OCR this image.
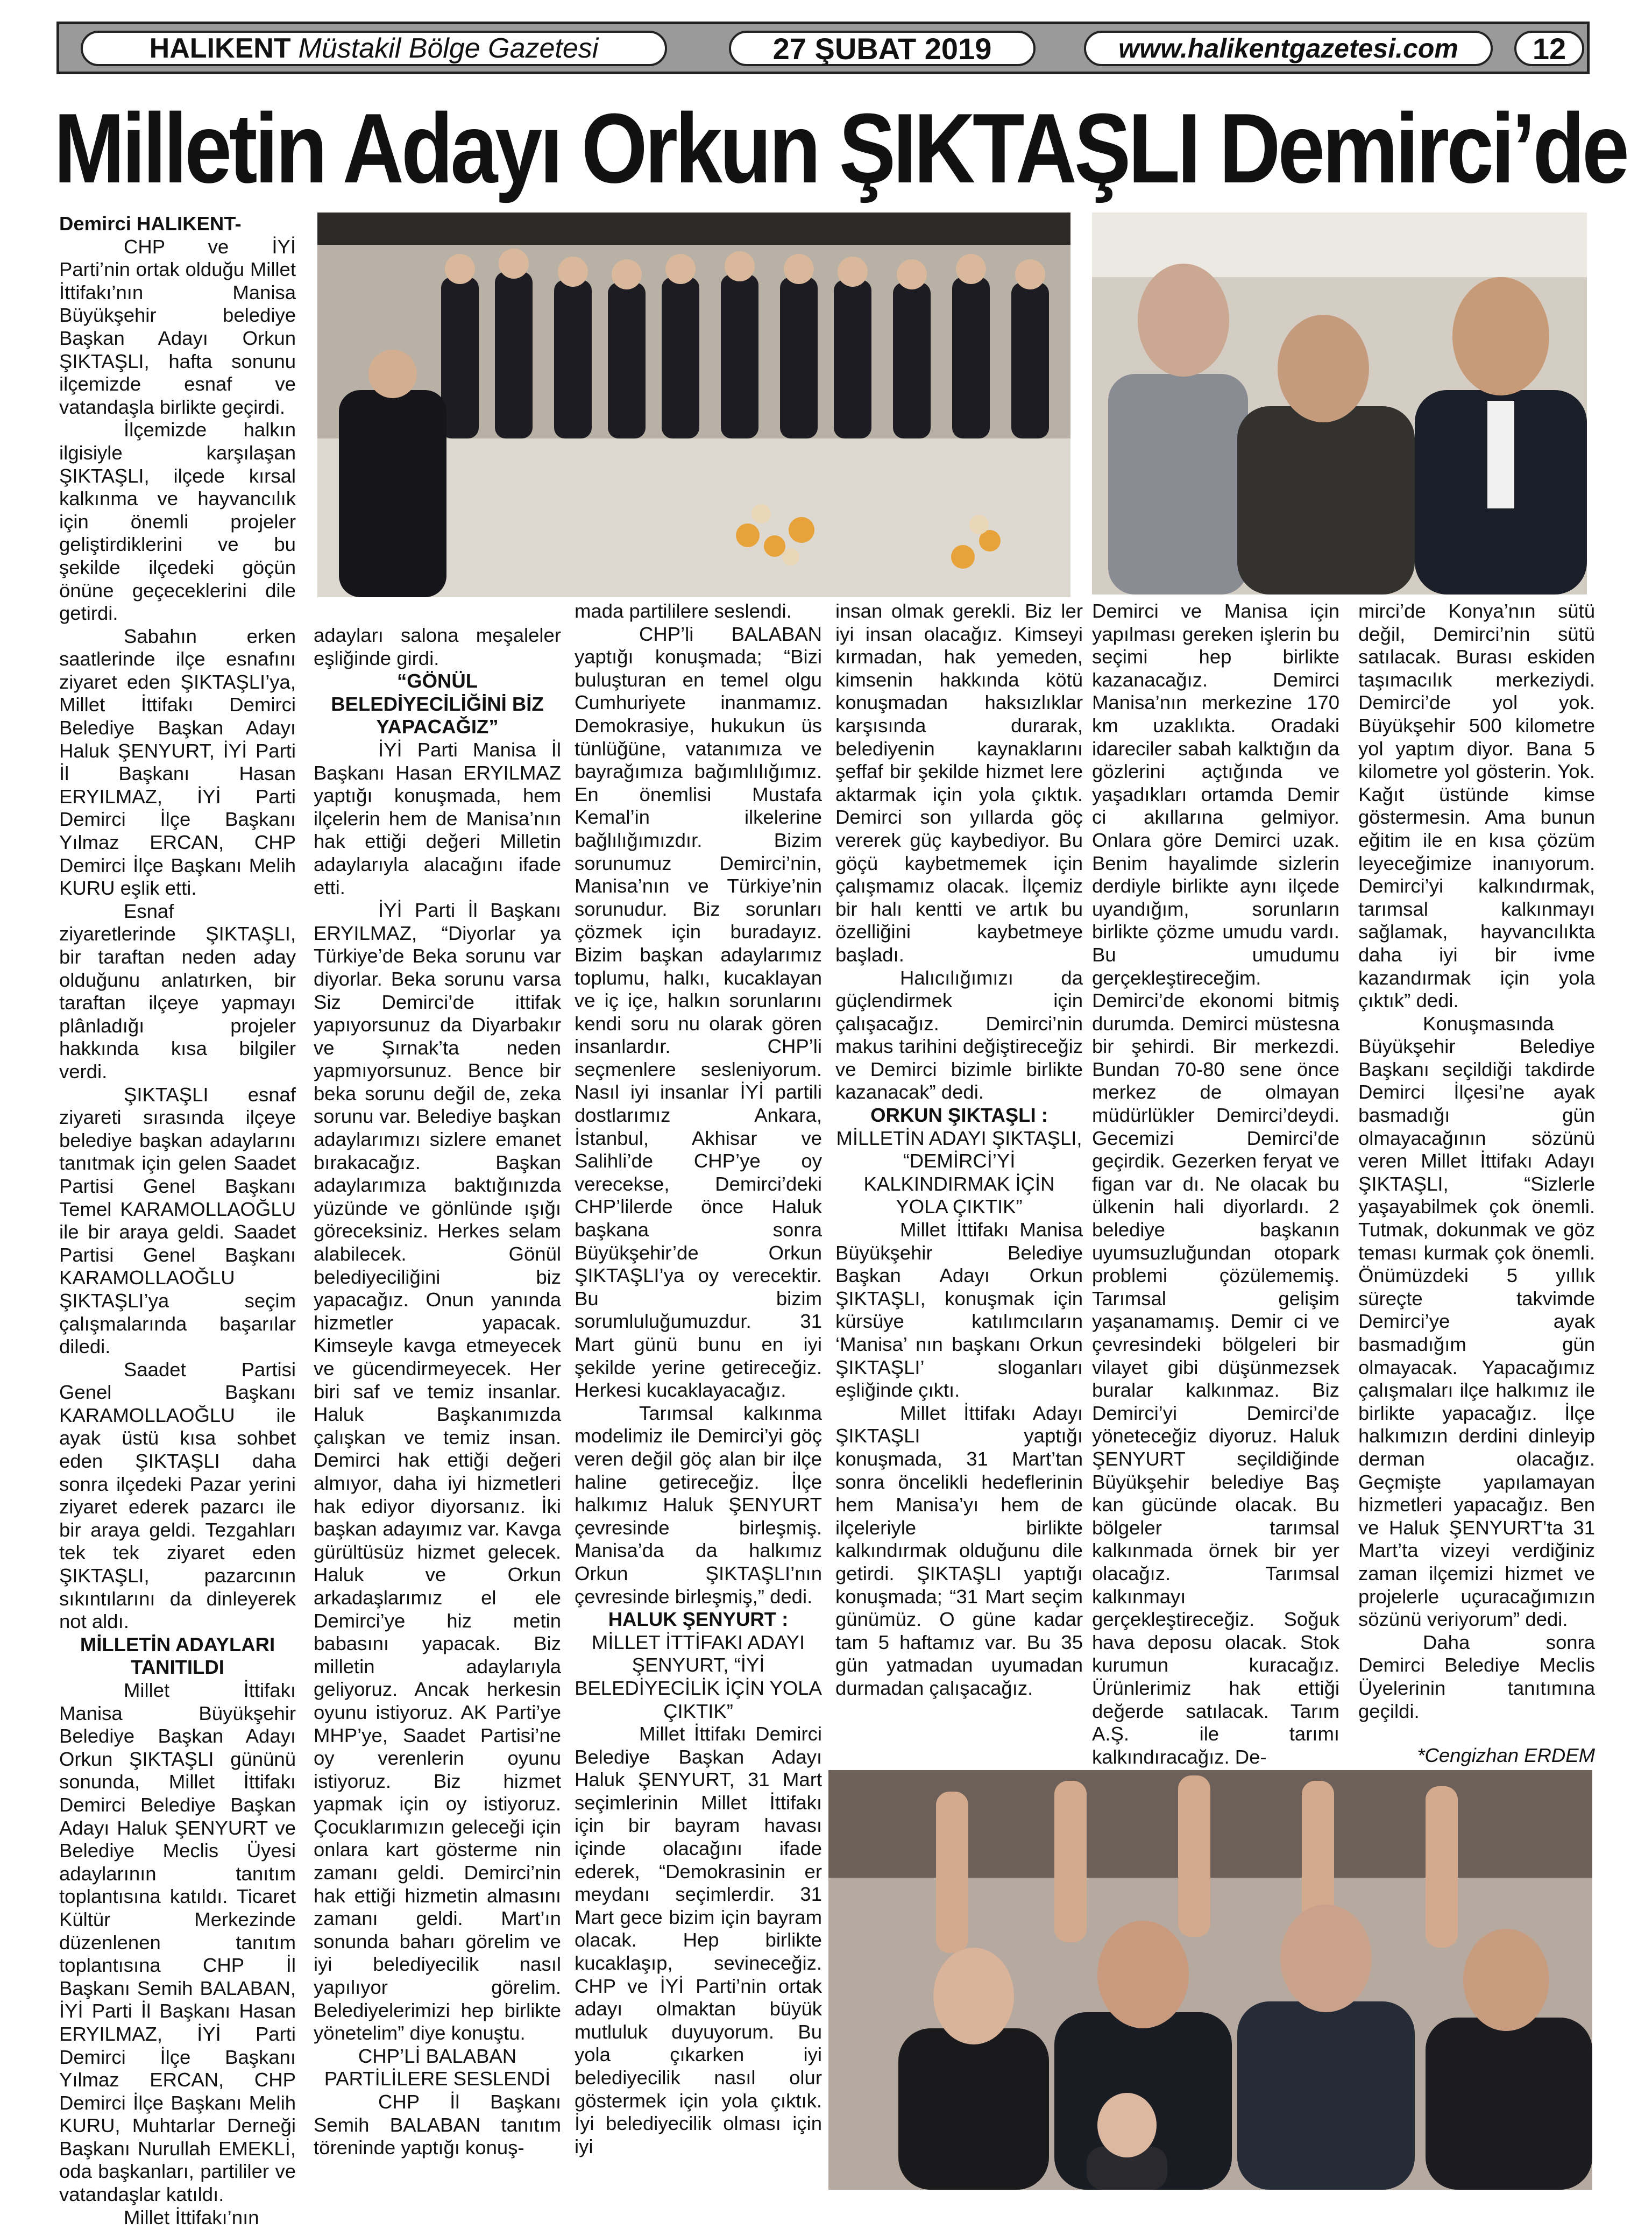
HALIKENT Müstakil Bölge Gazetesi	27 ŞUBAT 2019	www.halikentgazetesi.com	12
Milletin Adayı Orkun ŞIKTAŞLI Demirci’de

Demirci HALIKENT-

CHP ve İYİ Parti’nin ortak olduğu Millet İttifakı’nın Manisa Büyükşehir belediye Başkan Adayı Orkun ŞIKTAŞLI, hafta sonunu ilçemizde esnaf ve vatandaşla birlikte geçirdi.

İlçemizde halkın ilgisiyle karşılaşan ŞIKTAŞLI, ilçede kırsal kalkınma ve hayvancılık için önemli projeler geliştirdiklerini ve bu şekilde ilçedeki göçün önüne geçeceklerini dile getirdi.

Sabahın erken saatlerinde ilçe esnafını ziyaret eden ŞIKTAŞLI’ya, Millet İttifakı Demirci Belediye Başkan Adayı Haluk ŞENYURT, İYİ Parti İl Başkanı Hasan ERYILMAZ, İYİ Parti Demirci İlçe Başkanı Yılmaz ERCAN, CHP Demirci İlçe Başkanı Melih KURU eşlik etti.

Esnaf ziyaretlerinde ŞIKTAŞLI, bir taraftan neden aday olduğunu anlatırken, bir taraftan ilçeye yapmayı plânladığı projeler hakkında kısa bilgiler verdi.

ŞIKTAŞLI esnaf ziyareti sırasında ilçeye belediye başkan adaylarını tanıtmak için gelen Saadet Partisi Genel Başkanı Temel KARAMOLLAOĞLU ile bir araya geldi. Saadet Partisi Genel Başkanı KARAMOLLAOĞLU ŞIKTAŞLI’ya seçim çalışmalarında başarılar diledi.

Saadet Partisi Genel Başkanı KARAMOLLAOĞLU ile ayak üstü kısa sohbet eden ŞIKTAŞLI daha sonra ilçedeki Pazar yerini ziyaret ederek pazarcı ile bir araya geldi. Tezgahları tek tek ziyaret eden ŞIKTAŞLI, pazarcının sıkıntılarını da dinleyerek not aldı.

MİLLETİN ADAYLARI TANITILDI

Millet İttifakı Manisa Büyükşehir Belediye Başkan Adayı Orkun ŞIKTAŞLI gününü sonunda, Millet İttifakı Demirci Belediye Başkan Adayı Haluk ŞENYURT ve Belediye Meclis Üyesi adaylarının tanıtım toplantısına katıldı. Ticaret Kültür Merkezinde düzenlenen tanıtım toplantısına CHP İl Başkanı Semih BALABAN, İYİ Parti İl Başkanı Hasan ERYILMAZ, İYİ Parti Demirci İlçe Başkanı Yılmaz ERCAN, CHP Demirci İlçe Başkanı Melih KURU, Muhtarlar Derneği Başkanı Nurullah EMEKLİ, oda başkanları, partililer ve vatandaşlar katıldı.

Millet İttifakı’nın

adayları salona meşaleler eşliğinde girdi.

“GÖNÜL BELEDİYECİLİĞİNİ BİZ YAPACAĞIZ”

İYİ Parti Manisa İl Başkanı Hasan ERYILMAZ yaptığı konuşmada, hem ilçelerin hem de Manisa’nın hak ettiği değeri Milletin adaylarıyla alacağını ifade etti.

İYİ Parti İl Başkanı ERYILMAZ, “Diyorlar ya Türkiye’de Beka sorunu var diyorlar. Beka sorunu varsa Siz Demirci’de ittifak yapıyorsunuz da Diyarbakır ve Şırnak’ta neden yapmıyorsunuz. Bence bir beka sorunu değil de, zeka sorunu var. Belediye başkan adaylarımızı sizlere emanet bırakacağız. Başkan adaylarımıza baktığınızda yüzünde ve gönlünde ışığı göreceksiniz. Herkes selam alabilecek. Gönül belediyeciliğini biz yapacağız. Onun yanında hizmetler yapacak. Kimseyle kavga etmeyecek ve gücendirmeyecek. Her biri saf ve temiz insanlar. Haluk Başkanımızda çalışkan ve temiz insan. Demirci hak ettiği değeri almıyor, daha iyi hizmetleri hak ediyor diyorsanız. İki başkan adayımız var. Kavga gürültüsüz hizmet gelecek. Haluk ve Orkun arkadaşlarımız el ele Demirci’ye hiz metin babasını yapacak. Biz milletin adaylarıyla geliyoruz. Ancak herkesin oyunu istiyoruz. AK Parti’ye MHP’ye, Saadet Partisi’ne oy verenlerin oyunu istiyoruz. Biz hizmet yapmak için oy istiyoruz. Çocuklarımızın geleceği için onlara kart gösterme nin zamanı geldi. Demirci’nin hak ettiği hizmetin almasını zamanı geldi. Mart’ın sonunda baharı görelim ve iyi belediyecilik nasıl yapılıyor görelim. Belediyelerimizi hep birlikte yönetelim” diye konuştu.

CHP’Lİ BALABAN PARTİLİLERE SESLENDİ

CHP İl Başkanı Semih BALABAN tanıtım töreninde yaptığı konuş-

mada partililere seslendi.

CHP’li BALABAN yaptığı konuşmada; “Bizi buluşturan en temel olgu Cumhuriyete inanmamız. Demokrasiye, hukukun üs tünlüğüne, vatanımıza ve bayrağımıza bağımlılığımız. En önemlisi Mustafa Kemal’in ilkelerine bağlılığımızdır. Bizim sorunumuz Demirci’nin, Manisa’nın ve Türkiye’nin sorunudur. Biz sorunları çözmek için buradayız. Bizim başkan adaylarımız toplumu, halkı, kucaklayan ve iç içe, halkın sorunlarını kendi soru nu olarak gören insanlardır. CHP’li seçmenlere sesleniyorum. Nasıl iyi insanlar İYİ partili dostlarımız Ankara, İstanbul, Akhisar ve Salihli’de CHP’ye oy verecekse, Demirci’deki CHP’lilerde önce Haluk başkana sonra Büyükşehir’de Orkun ŞIKTAŞLI’ya oy verecektir. Bu bizim sorumluluğumuzdur. 31 Mart günü bunu en iyi şekilde yerine getireceğiz. Herkesi kucaklayacağız.

Tarımsal kalkınma modelimiz ile Demirci’yi göç veren değil göç alan bir ilçe haline getireceğiz. İlçe halkımız Haluk ŞENYURT çevresinde birleşmiş. Manisa’da da halkımız Orkun ŞIKTAŞLI’nın çevresinde birleşmiş,” dedi.

HALUK ŞENYURT :

MİLLET İTTİFAKI ADAYI ŞENYURT, “İYİ BELEDİYECİLİK İÇİN YOLA ÇIKTIK”

Millet İttifakı Demirci Belediye Başkan Adayı Haluk ŞENYURT, 31 Mart seçimlerinin Millet İttifakı için bir bayram havası içinde olacağını ifade ederek, “Demokrasinin er meydanı seçimlerdir. 31 Mart gece bizim için bayram olacak. Hep birlikte kucaklaşıp, sevineceğiz. CHP ve İYİ Parti’nin ortak adayı olmaktan büyük mutluluk duyuyorum. Bu yola çıkarken iyi belediyecilik nasıl olur göstermek için yola çıktık. İyi belediyecilik olması için iyi

insan olmak gerekli. Biz ler iyi insan olacağız. Kimseyi kırmadan, hak yemeden, kimsenin hakkında kötü konuşmadan haksızlıklar karşısında durarak, belediyenin kaynaklarını şeffaf bir şekilde hizmet lere aktarmak için yola çıktık. Demirci son yıllarda göç vererek güç kaybediyor. Bu göçü kaybetmemek için çalışmamız olacak. İlçemiz bir halı kentti ve artık bu özelliğini kaybetmeye başladı.

Halıcılığımızı da güçlendirmek için çalışacağız. Demirci’nin makus tarihini değiştireceğiz ve Demirci bizimle birlikte kazanacak” dedi.

ORKUN ŞIKTAŞLI :

MİLLETİN ADAYI ŞIKTAŞLI, “DEMİRCİ’Yİ KALKINDIRMAK İÇİN YOLA ÇIKTIK”

Millet İttifakı Manisa Büyükşehir Belediye Başkan Adayı Orkun ŞIKTAŞLI, konuşmak için kürsüye katılımcıların ‘Manisa’ nın başkanı Orkun ŞIKTAŞLI’ sloganları eşliğinde çıktı.

Millet İttifakı Adayı ŞIKTAŞLI yaptığı konuşmada, 31 Mart’tan sonra öncelikli hedeflerinin hem Manisa’yı hem de ilçeleriyle birlikte kalkındırmak olduğunu dile getirdi. ŞIKTAŞLI yaptığı konuşmada; “31 Mart seçim günümüz. O güne kadar tam 5 haftamız var. Bu 35 gün yatmadan uyumadan durmadan çalışacağız.

Demirci ve Manisa için yapılması gereken işlerin bu seçimi hep birlikte kazanacağız. Demirci Manisa’nın merkezine 170 km uzaklıkta. Oradaki idareciler sabah kalktığın da gözlerini açtığında ve yaşadıkları ortamda Demir ci akıllarına gelmiyor. Onlara göre Demirci uzak. Benim hayalimde sizlerin derdiyle birlikte aynı ilçede uyandığım, sorunların birlikte çözme umudu vardı. Bu umudumu gerçekleştireceğim. Demirci’de ekonomi bitmiş durumda. Demirci müstesna bir şehirdi. Bir merkezdi. Bundan 70-80 sene önce merkez de olmayan müdürlükler Demirci’deydi. Gecemizi Demirci’de geçirdik. Gezerken feryat ve figan var dı. Ne olacak bu ülkenin hali diyorlardı. 2 belediye başkanın uyumsuzluğundan otopark problemi çözülememiş. Tarımsal gelişim yaşanamamış. Demir ci ve çevresindeki bölgeleri bir vilayet gibi düşünmezsek buralar kalkınmaz. Biz Demirci’yi Demirci’de yöneteceğiz diyoruz. Haluk ŞENYURT seçildiğinde Büyükşehir belediye Baş kan gücünde olacak. Bu bölgeler tarımsal kalkınmada örnek bir yer olacağız. Tarımsal kalkınmayı gerçekleştireceğiz. Soğuk hava deposu olacak. Stok kurumun kuracağız. Ürünlerimiz hak ettiği değerde satılacak. Tarım A.Ş. ile tarımı kalkındıracağız. De-

mirci’de Konya’nın sütü değil, Demirci’nin sütü satılacak. Burası eskiden taşımacılık merkeziydi. Demirci’de yol yok. Büyükşehir 500 kilometre yol yaptım diyor. Bana 5 kilometre yol gösterin. Yok. Kağıt üstünde kimse göstermesin. Ama bunun eğitim ile en kısa çözüm leyeceğimize inanıyorum. Demirci’yi kalkındırmak, tarımsal kalkınmayı sağlamak, hayvancılıkta daha iyi bir ivme kazandırmak için yola çıktık” dedi.

Konuşmasında Büyükşehir Belediye Başkanı seçildiği takdirde Demirci İlçesi’ne ayak basmadığı gün olmayacağının sözünü veren Millet İttifakı Adayı ŞIKTAŞLI, “Sizlerle yaşayabilmek çok önemli. Tutmak, dokunmak ve göz teması kurmak çok önemli. Önümüzdeki 5 yıllık süreçte takvimde Demirci’ye ayak basmadığım gün olmayacak. Yapacağımız çalışmaları ilçe halkımız ile birlikte yapacağız. İlçe halkımızın derdini dinleyip derman olacağız. Geçmişte yapılamayan hizmetleri yapacağız. Ben ve Haluk ŞENYURT’ta 31 Mart’ta vizeyi verdiğiniz zaman ilçemizi hizmet ve projelerle uçuracağımızın sözünü veriyorum” dedi.

Daha sonra Demirci Belediye Meclis Üyelerinin tanıtımına geçildi.

*Cengizhan ERDEM
